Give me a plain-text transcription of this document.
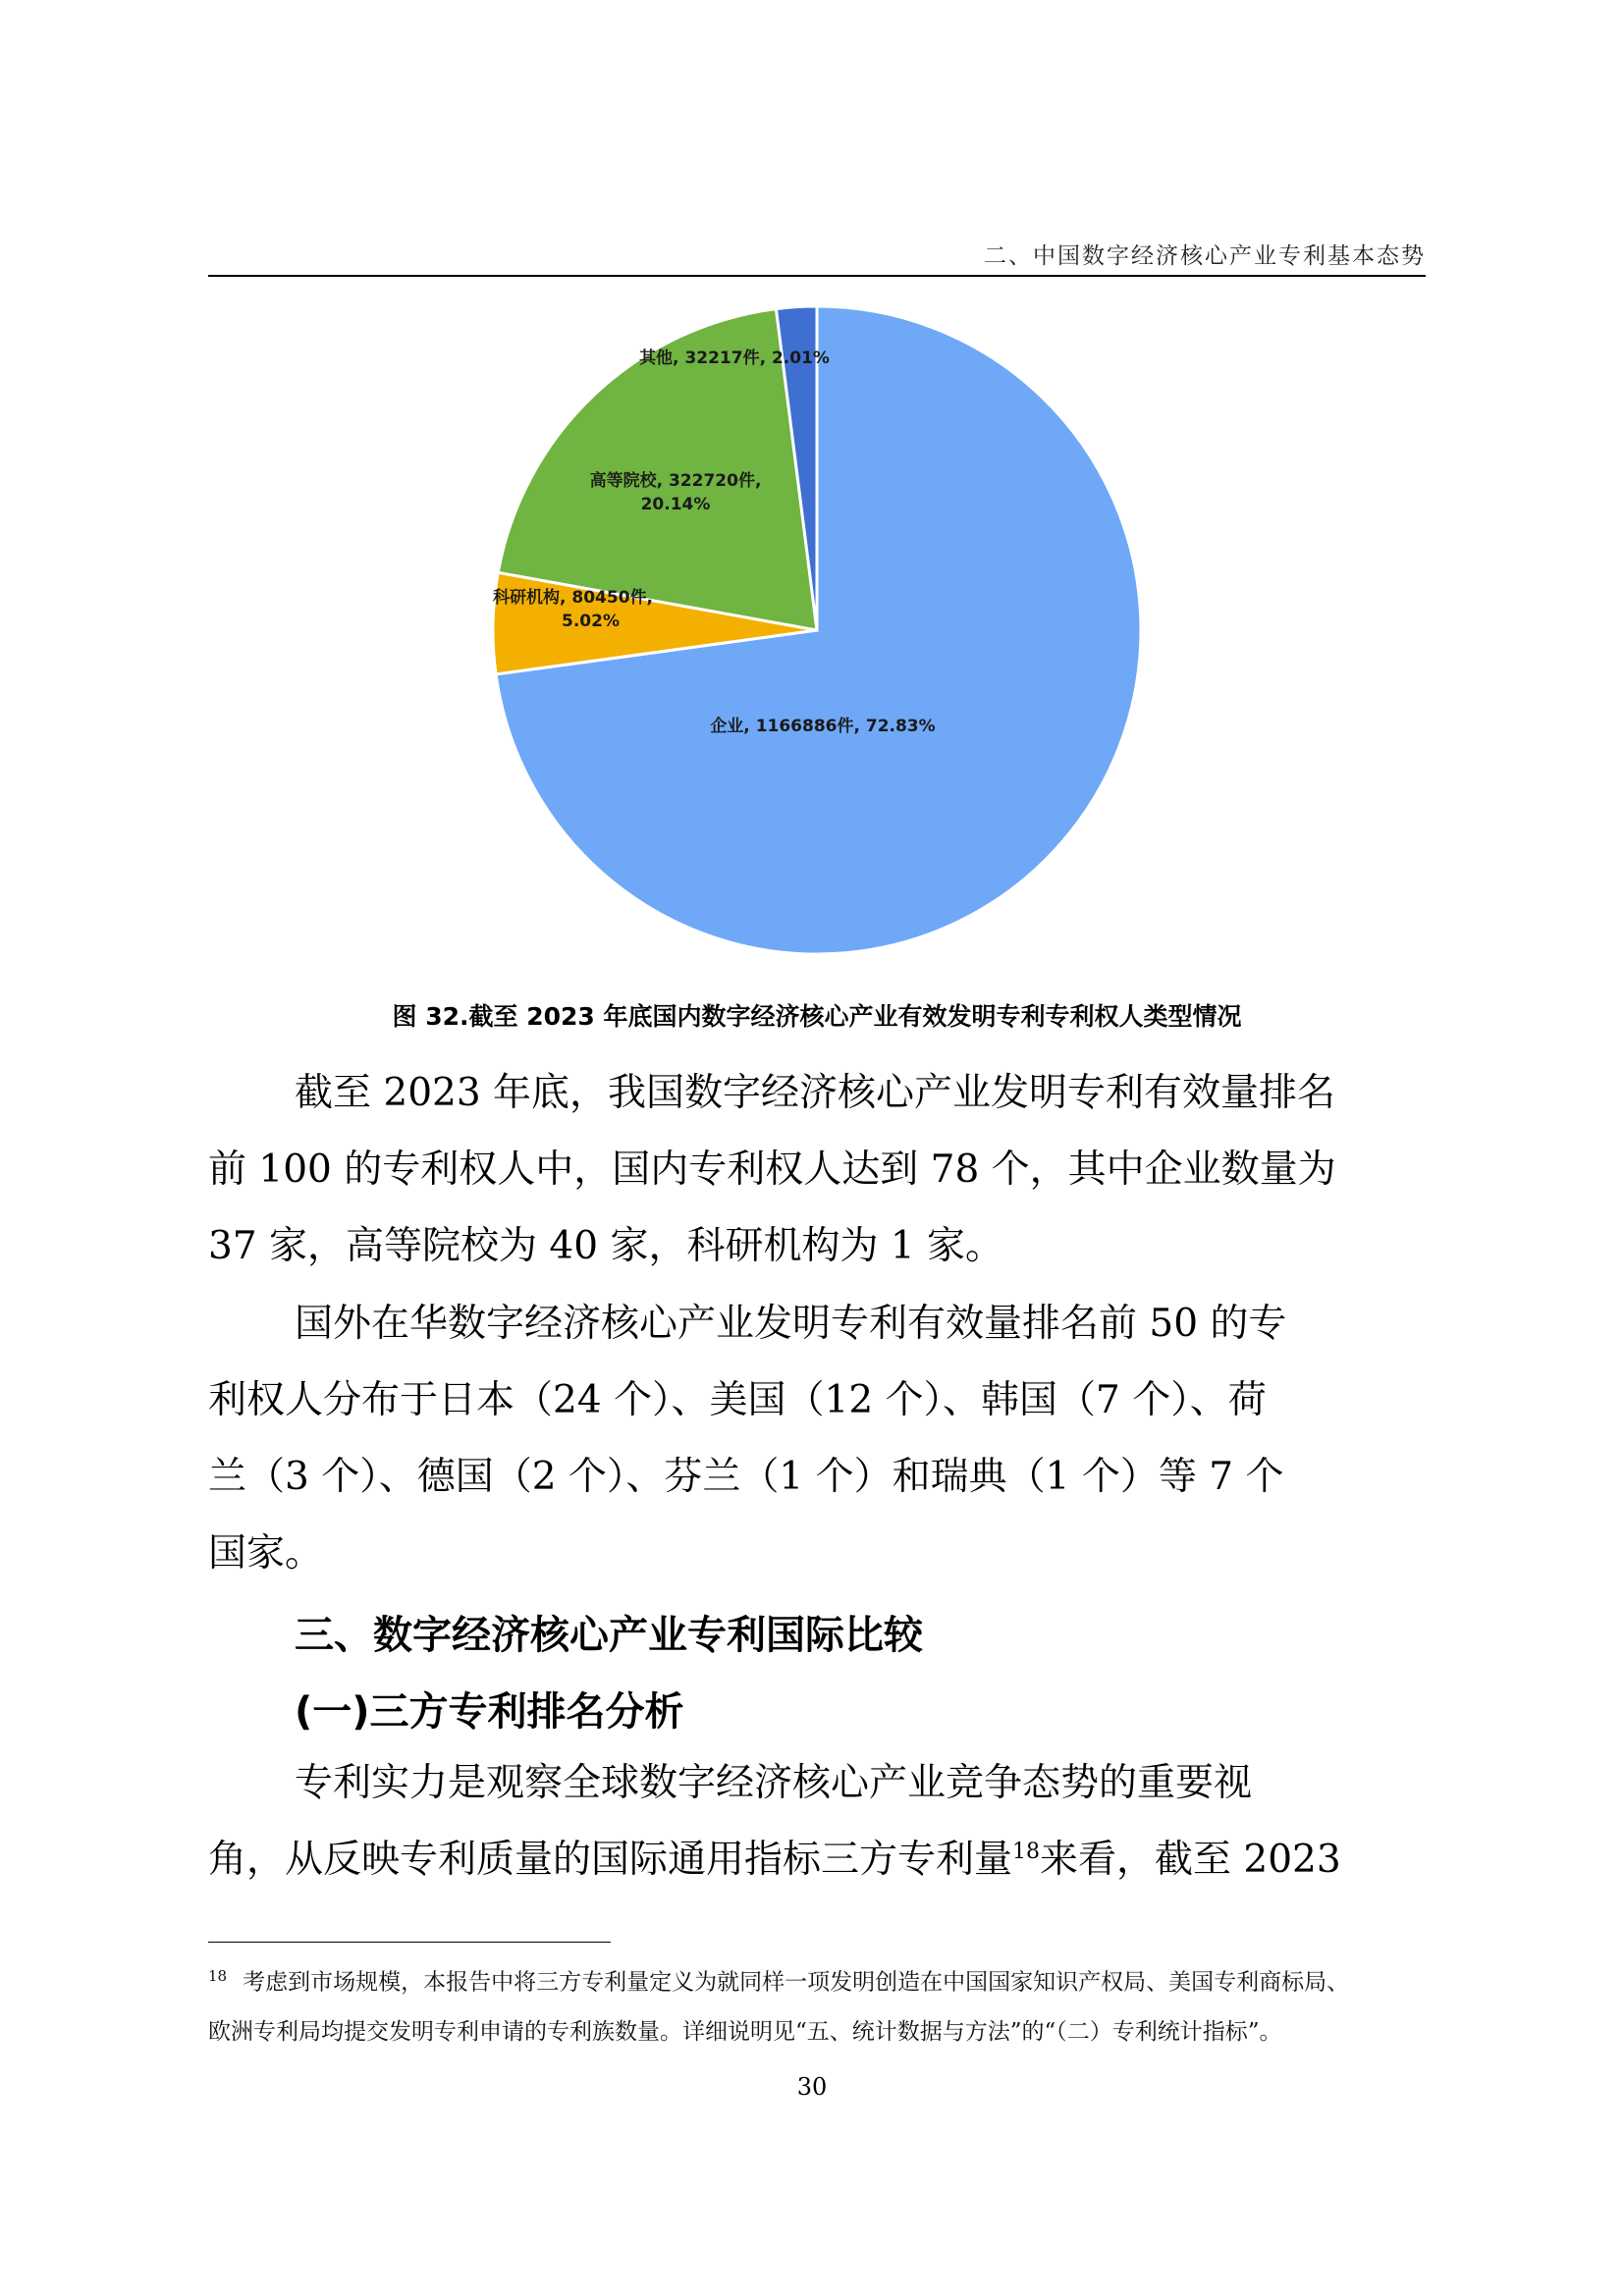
二、中国数字经济核心产业专利基本态势
企业, 1166886件, 72.83%
科研机构, 80450件, 5.02%
高等院校, 322720件, 20.14%
其他, 32217件, 2.01%
图 32.截至 2023 年底国内数字经济核心产业有效发明专利专利权人类型情况
截至 2023 年底，我国数字经济核心产业发明专利有效量排名
前 100 的专利权人中，国内专利权人达到 78 个，其中企业数量为
37 家，高等院校为 40 家，科研机构为 1 家。
国外在华数字经济核心产业发明专利有效量排名前 50 的专
利权人分布于日本（24 个）、美国（12 个）、韩国（7 个）、荷
兰（3 个）、德国（2 个）、芬兰（1 个）和瑞典（1 个）等 7 个
国家。
三、数字经济核心产业专利国际比较
(一)三方专利排名分析
专利实力是观察全球数字经济核心产业竞争态势的重要视
角，从反映专利质量的国际通用指标三方专利量$^{18}$来看，截至 2023
$^{18}$ 考虑到市场规模，本报告中将三方专利量定义为就同样一项发明创造在中国国家知识产权局、美国专利商标局、
欧洲专利局均提交发明专利申请的专利族数量。详细说明见“五、统计数据与方法”的“（二）专利统计指标”。
30
